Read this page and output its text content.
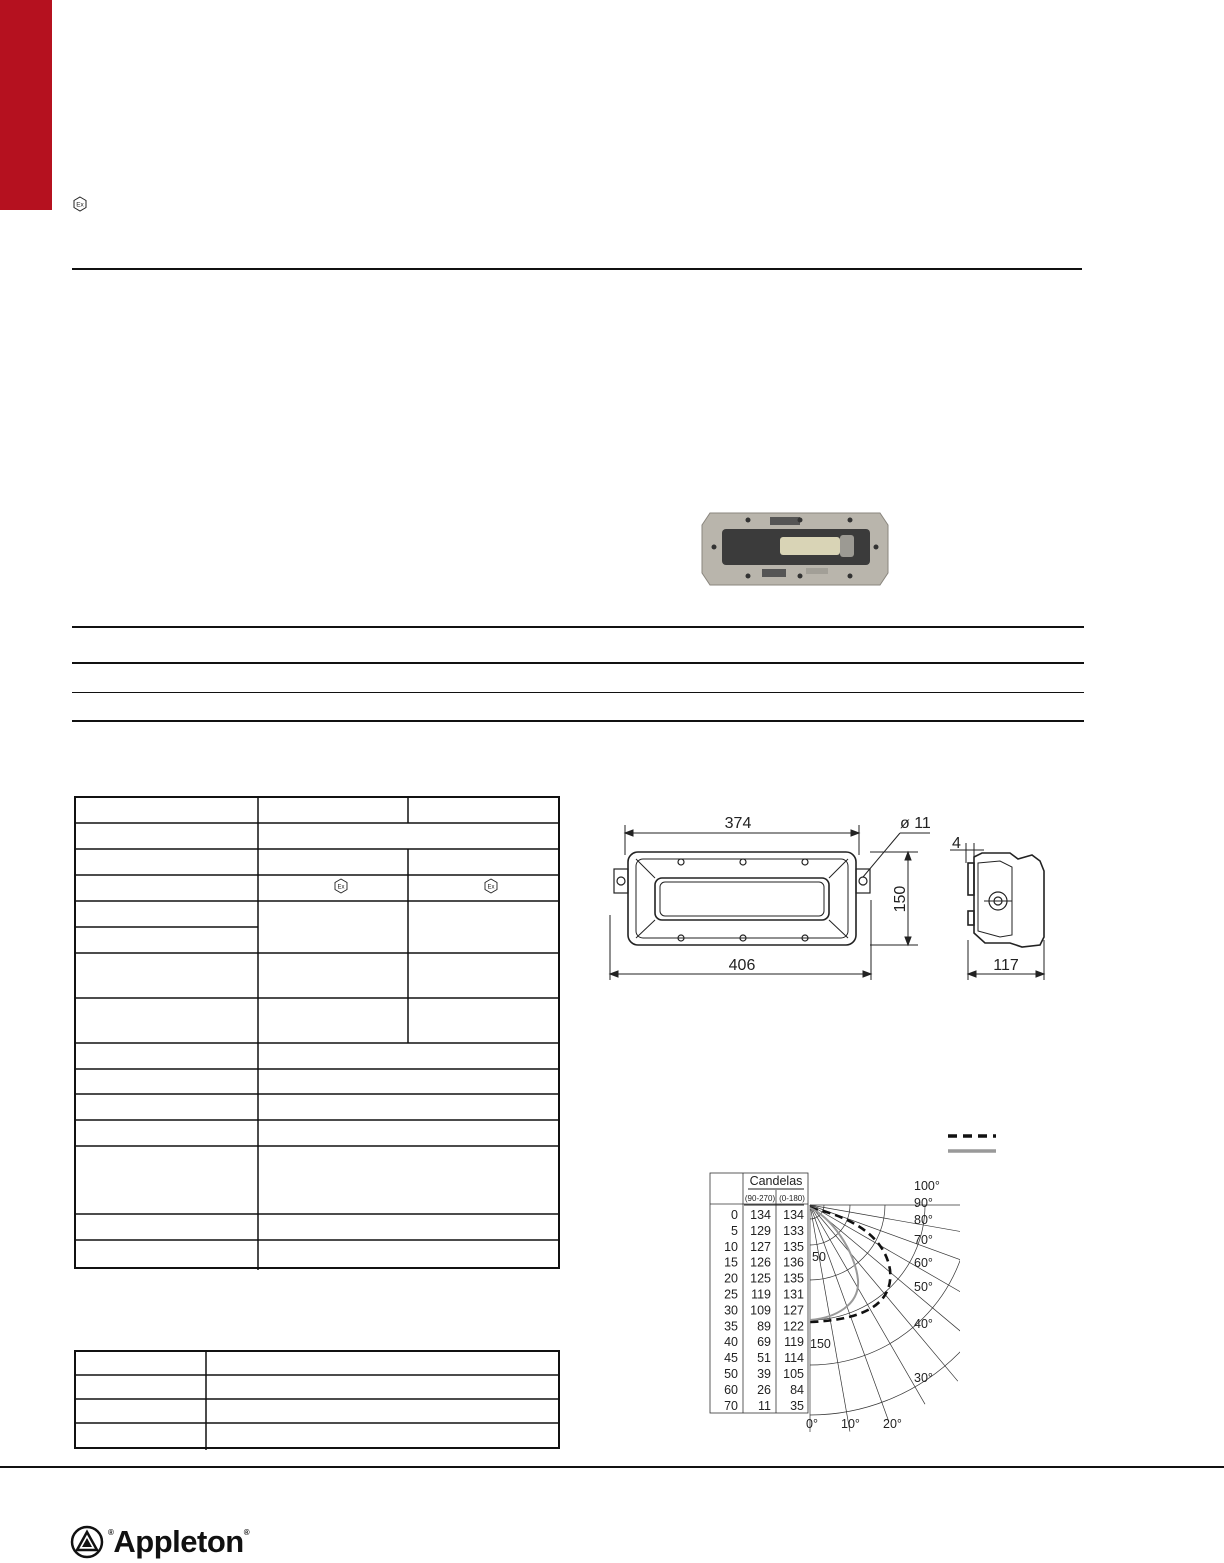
Ex
Ex	Ex
374	ø 11
406
150
4
117
Candelas
(90-270) (0-180)
0 134 134
5 129 133
10 127 135
15 126 136
20 125 135
25 119 131
30 109 127
35 89 122
40 69 119
45 51 114
50 39 105
60 26 84
70 11 35
50
150
100°
90°
80°
70°
60°
50°
40°
30°
0° 10° 20°
®Appleton®
